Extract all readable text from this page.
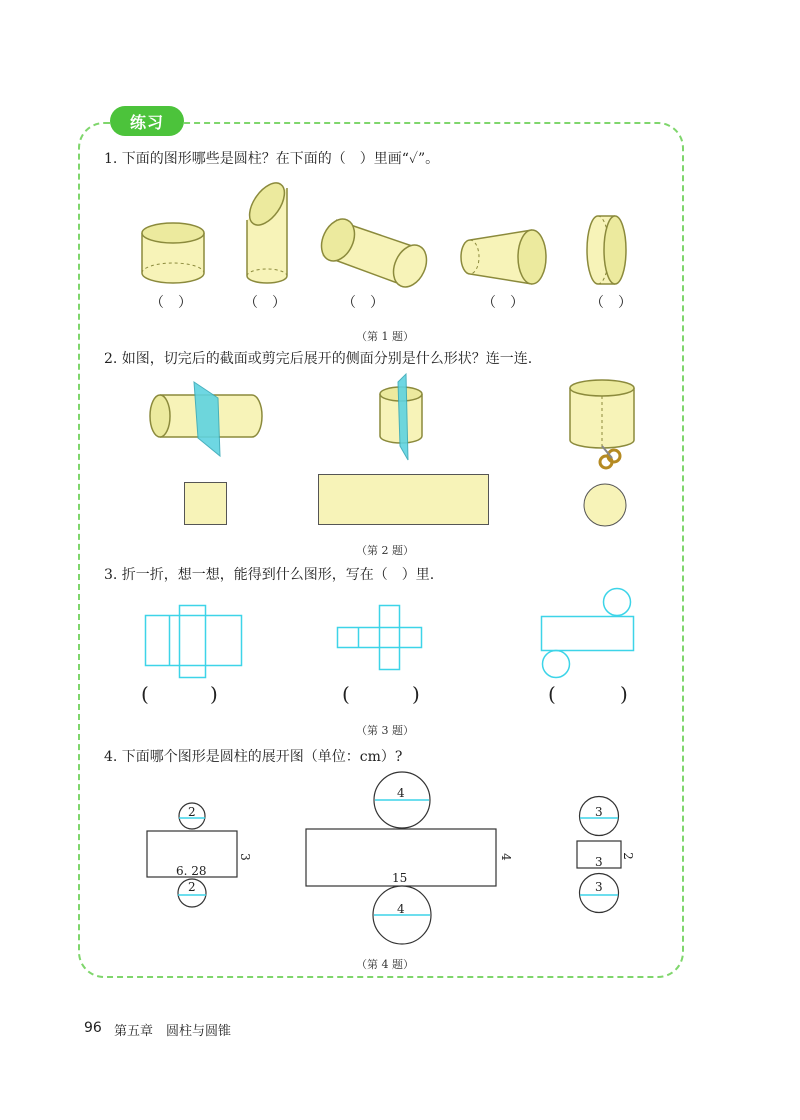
练习
1. 下面的图形哪些是圆柱？在下面的（　）里画“✓”。
（　）	（　）	（　）	（　）	（　）
（第 1 题）
2. 如图，切完后的截面或剪完后展开的侧面分别是什么形状？连一连.
（第 2 题）
3. 折一折，想一想，能得到什么图形，写在（　）里.
(	)	(	)	(	)
（第 3 题）
4. 下面哪个图形是圆柱的展开图（单位：cm）?
2
2
6. 28
3
4
4
15
4
3
3
3
2
（第 4 题）
96 第五章　圆柱与圆锥
